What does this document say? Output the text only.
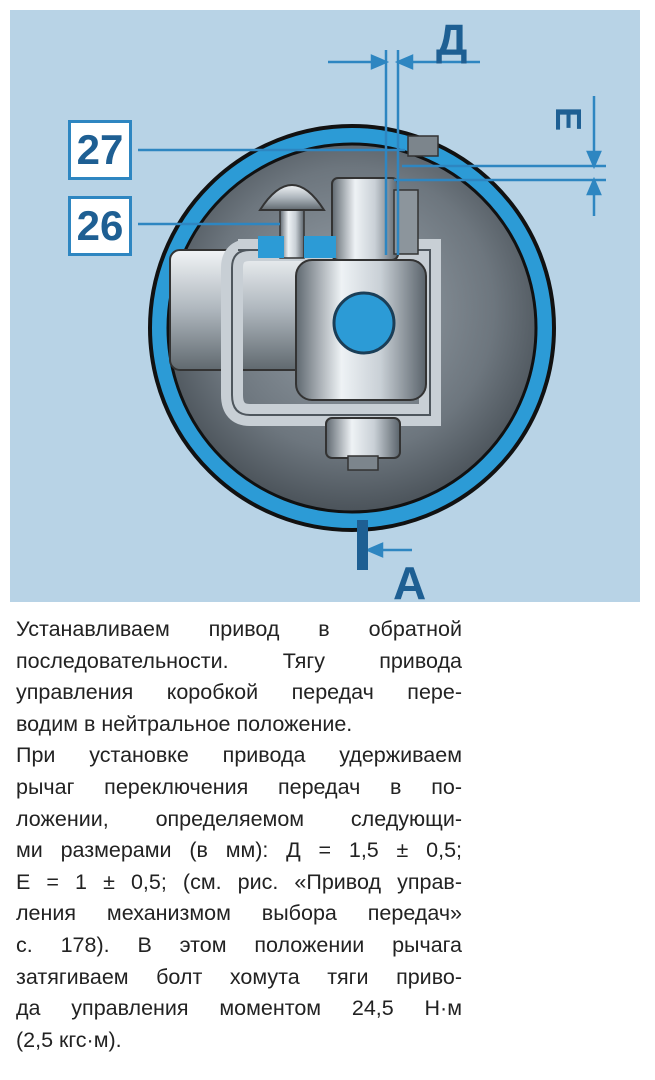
27
26
Д
Е
А

Устанавливаем привод в обратной

последовательности. Тягу привода

управления коробкой передач пере-

водим в нейтральное положение.

При установке привода удерживаем

рычаг переключения передач в по-

ложении, определяемом следующи-

ми размерами (в мм): Д = 1,5 ± 0,5;

Е = 1 ± 0,5; (см. рис. «Привод управ-

ления механизмом выбора передач»

с. 178). В этом положении рычага

затягиваем болт хомута тяги приво-

да управления моментом 24,5 Н·м

(2,5 кгс·м).
